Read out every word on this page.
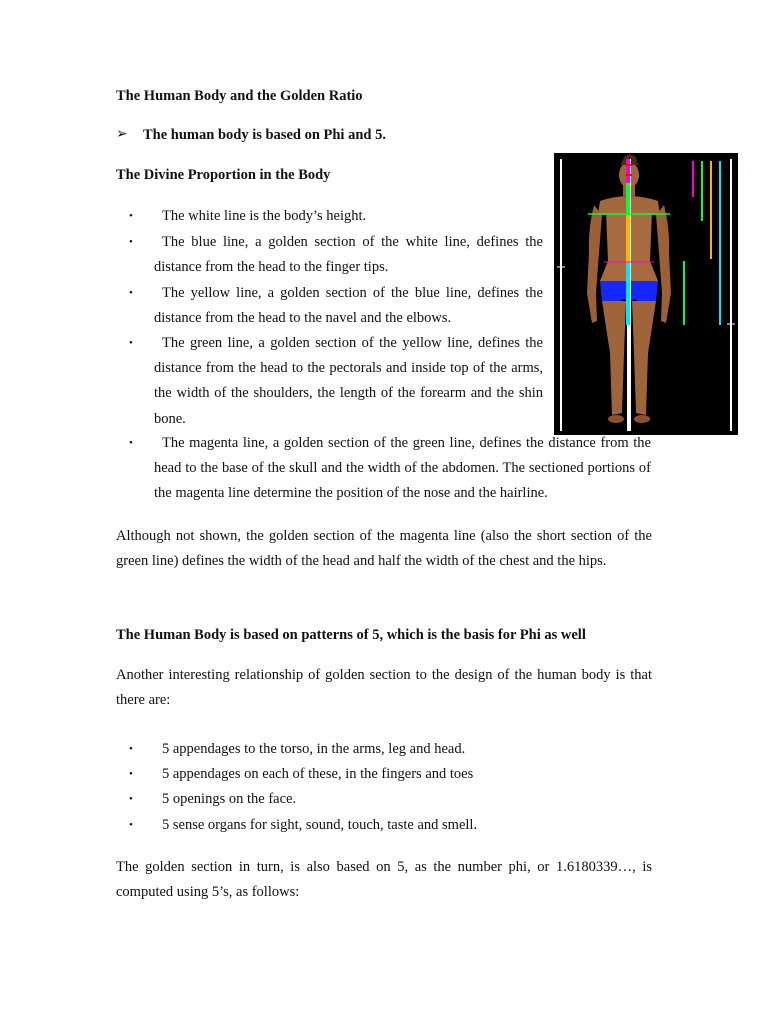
The Human Body and the Golden Ratio
➢ The human body is based on Phi and 5.
The Divine Proportion in the Body
•	The white line is the body’s height.
•	The blue line, a golden section of the white line, defines the distance from the head to the finger tips.
•	The yellow line, a golden section of the blue line, defines the distance from the head to the navel and the elbows.
•	The green line, a golden section of the yellow line, defines the distance from the head to the pectorals and inside top of the arms, the width of the shoulders, the length of the forearm and the shin bone.
•	The magenta line, a golden section of the green line, defines the distance from the head to the base of the skull and the width of the abdomen. The sectioned portions of the magenta line determine the position of the nose and the hairline.
Although not shown, the golden section of the magenta line (also the short section of the green line) defines the width of the head and half the width of the chest and the hips.
The Human Body is based on patterns of 5, which is the basis for Phi as well
Another interesting relationship of golden section to the design of the human body is that there are:
•	5 appendages to the torso, in the arms, leg and head.
•	5 appendages on each of these, in the fingers and toes
•	5 openings on the face.
•	5 sense organs for sight, sound, touch, taste and smell.
The golden section in turn, is also based on 5, as the number phi, or 1.6180339…, is computed using 5’s, as follows:
